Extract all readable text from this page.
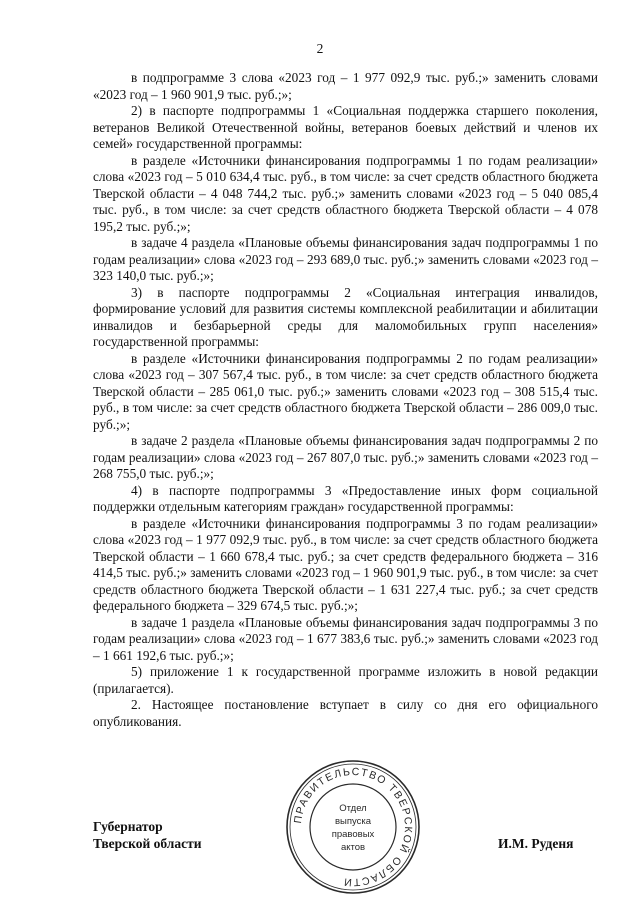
2

в подпрограмме 3 слова «2023 год – 1 977 092,9 тыс. руб.;» заменить словами «2023 год – 1 960 901,9 тыс. руб.;»;

2) в паспорте подпрограммы 1 «Социальная поддержка старшего поколения, ветеранов Великой Отечественной войны, ветеранов боевых действий и членов их семей» государственной программы:

в разделе «Источники финансирования подпрограммы 1 по годам реализации» слова «2023 год – 5 010 634,4 тыс. руб., в том числе: за счет средств областного бюджета Тверской области – 4 048 744,2 тыс. руб.;» заменить словами «2023 год – 5 040 085,4 тыс. руб., в том числе: за счет средств областного бюджета Тверской области – 4 078 195,2 тыс. руб.;»;

в задаче 4 раздела «Плановые объемы финансирования задач подпрограммы 1 по годам реализации» слова «2023 год – 293 689,0 тыс. руб.;» заменить словами «2023 год – 323 140,0 тыс. руб.;»;

3) в паспорте подпрограммы 2 «Социальная интеграция инвалидов, формирование условий для развития системы комплексной реабилитации и абилитации инвалидов и безбарьерной среды для маломобильных групп населения» государственной программы:

в разделе «Источники финансирования подпрограммы 2 по годам реализации» слова «2023 год – 307 567,4 тыс. руб., в том числе: за счет средств областного бюджета Тверской области – 285 061,0 тыс. руб.;» заменить словами «2023 год – 308 515,4 тыс. руб., в том числе: за счет средств областного бюджета Тверской области – 286 009,0 тыс. руб.;»;

в задаче 2 раздела «Плановые объемы финансирования задач подпрограммы 2 по годам реализации» слова «2023 год – 267 807,0 тыс. руб.;» заменить словами «2023 год – 268 755,0 тыс. руб.;»;

4) в паспорте подпрограммы 3 «Предоставление иных форм социальной поддержки отдельным категориям граждан» государственной программы:

в разделе «Источники финансирования подпрограммы 3 по годам реализации» слова «2023 год – 1 977 092,9 тыс. руб., в том числе: за счет средств областного бюджета Тверской области – 1 660 678,4 тыс. руб.; за счет средств федерального бюджета – 316 414,5 тыс. руб.;» заменить словами «2023 год – 1 960 901,9 тыс. руб., в том числе: за счет средств областного бюджета Тверской области – 1 631 227,4 тыс. руб.; за счет средств федерального бюджета – 329 674,5 тыс. руб.;»;

в задаче 1 раздела «Плановые объемы финансирования задач подпрограммы 3 по годам реализации» слова «2023 год – 1 677 383,6 тыс. руб.;» заменить словами «2023 год – 1 661 192,6 тыс. руб.;»;

5) приложение 1 к государственной программе изложить в новой редакции (прилагается).

2. Настоящее постановление вступает в силу со дня его официального опубликования.

ПРАВИТЕЛЬСТВО ТВЕРСКОЙ ОБЛАСТИ
Отдел
выпуска
правовых
актов
Губернатор
Тверской области	И.М. Руденя
